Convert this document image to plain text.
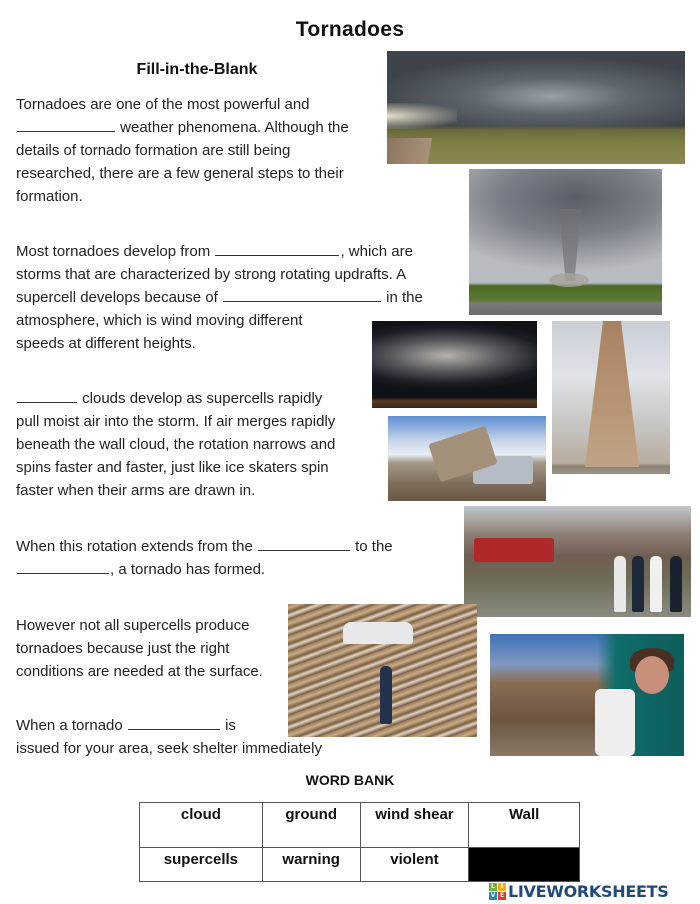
Tornadoes
Fill-in-the-Blank
Tornadoes are one of the most powerful and
weather phenomena. Although the
details of tornado formation are still being
researched, there are a few general steps to their
formation.
Most tornadoes develop from	, which are
storms that are characterized by strong rotating updrafts. A
supercell develops because of	in the
atmosphere, which is wind moving different
speeds at different heights.
clouds develop as supercells rapidly
pull moist air into the storm. If air merges rapidly
beneath the wall cloud, the rotation narrows and
spins faster and faster, just like ice skaters spin
faster when their arms are drawn in.
When this rotation extends from the	to the
, a tornado has formed.
However not all supercells produce
tornadoes because just the right
conditions are needed at the surface.
When a tornado	is
issued for your area, seek shelter immediately
WORD BANK
cloud	ground	wind shear	Wall
supercells	warning	violent	
L I
V E LIVEWORKSHEETS
